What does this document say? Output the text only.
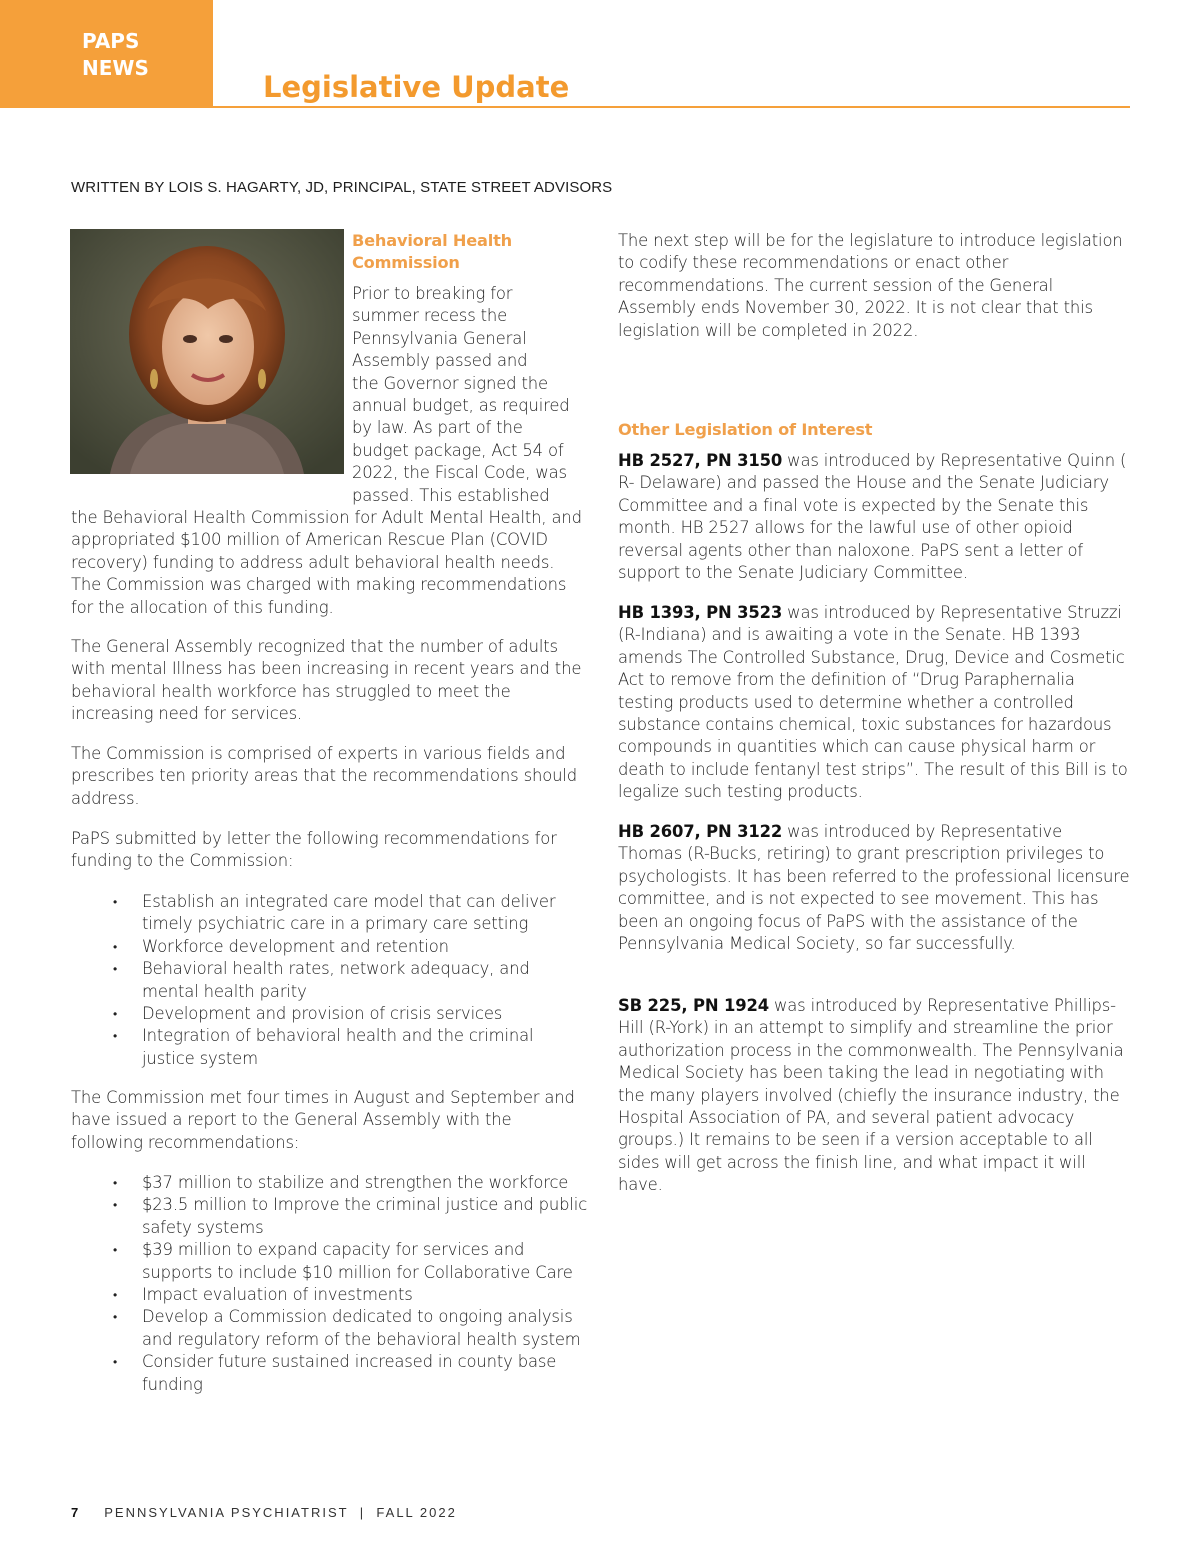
PAPS
NEWS
Legislative Update
WRITTEN BY LOIS S. HAGARTY, JD, PRINCIPAL, STATE STREET ADVISORS
Behavioral Health Commission
Prior to breaking for
summer recess the
Pennsylvania General
Assembly passed and
the Governor signed the
annual budget, as required
by law. As part of the
budget package, Act 54 of
2022, the Fiscal Code, was
passed. This established

the Behavioral Health Commission for Adult Mental Health, and appropriated $100 million of American Rescue Plan (COVID recovery) funding to address adult behavioral health needs. The Commission was charged with making recommendations for the allocation of this funding.

The General Assembly recognized that the number of adults with mental Illness has been increasing in recent years and the behavioral health workforce has struggled to meet the increasing need for services.

The Commission is comprised of experts in various fields and prescribes ten priority areas that the recommendations should address.

PaPS submitted by letter the following recommendations for funding to the Commission:

• Establish an integrated care model that can deliver timely psychiatric care in a primary care setting
• Workforce development and retention
• Behavioral health rates, network adequacy, and mental health parity
• Development and provision of crisis services
• Integration of behavioral health and the criminal justice system

The Commission met four times in August and September and have issued a report to the General Assembly with the following recommendations:

• $37 million to stabilize and strengthen the workforce
• $23.5 million to Improve the criminal justice and public safety systems
• $39 million to expand capacity for services and supports to include $10 million for Collaborative Care
• Impact evaluation of investments
• Develop a Commission dedicated to ongoing analysis and regulatory reform of the behavioral health system
• Consider future sustained increased in county base funding

The next step will be for the legislature to introduce legislation to codify these recommendations or enact other recommendations. The current session of the General Assembly ends November 30, 2022. It is not clear that this legislation will be completed in 2022.

Other Legislation of Interest

HB 2527, PN 3150 was introduced by Representative Quinn ( R- Delaware) and passed the House and the Senate Judiciary Committee and a final vote is expected by the Senate this month. HB 2527 allows for the lawful use of other opioid reversal agents other than naloxone. PaPS sent a letter of support to the Senate Judiciary Committee.

HB 1393, PN 3523 was introduced by Representative Struzzi (R-Indiana) and is awaiting a vote in the Senate. HB 1393 amends The Controlled Substance, Drug, Device and Cosmetic Act to remove from the definition of “Drug Paraphernalia testing products used to determine whether a controlled substance contains chemical, toxic substances for hazardous compounds in quantities which can cause physical harm or death to include fentanyl test strips”. The result of this Bill is to legalize such testing products.

HB 2607, PN 3122 was introduced by Representative Thomas (R-Bucks, retiring) to grant prescription privileges to psychologists. It has been referred to the professional licensure committee, and is not expected to see movement. This has been an ongoing focus of PaPS with the assistance of the Pennsylvania Medical Society, so far successfully.

SB 225, PN 1924 was introduced by Representative Phillips-Hill (R-York) in an attempt to simplify and streamline the prior authorization process in the commonwealth. The Pennsylvania Medical Society has been taking the lead in negotiating with the many players involved (chiefly the insurance industry, the Hospital Association of PA, and several patient advocacy groups.) It remains to be seen if a version acceptable to all sides will get across the finish line, and what impact it will have.

7 PENNSYLVANIA PSYCHIATRIST | FALL 2022
